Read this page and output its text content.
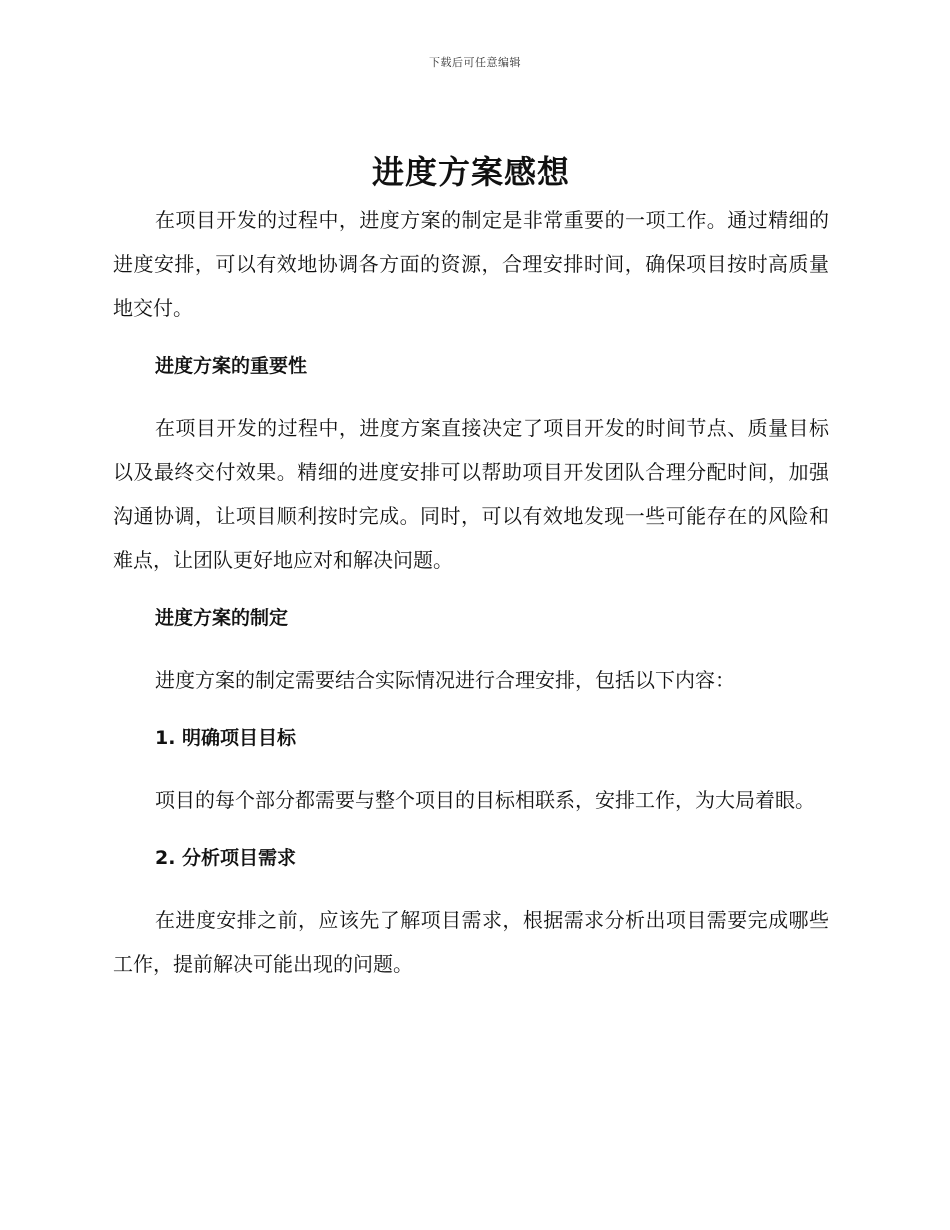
下载后可任意编辑
进度方案感想

在项目开发的过程中，进度方案的制定是非常重要的一项工作。通过精细的进度安排，可以有效地协调各方面的资源，合理安排时间，确保项目按时高质量地交付。

进度方案的重要性

在项目开发的过程中，进度方案直接决定了项目开发的时间节点、质量目标以及最终交付效果。精细的进度安排可以帮助项目开发团队合理分配时间，加强沟通协调，让项目顺利按时完成。同时，可以有效地发现一些可能存在的风险和难点，让团队更好地应对和解决问题。

进度方案的制定

进度方案的制定需要结合实际情况进行合理安排，包括以下内容：

1. 明确项目目标

项目的每个部分都需要与整个项目的目标相联系，安排工作，为大局着眼。

2. 分析项目需求

在进度安排之前，应该先了解项目需求，根据需求分析出项目需要完成哪些工作，提前解决可能出现的问题。
